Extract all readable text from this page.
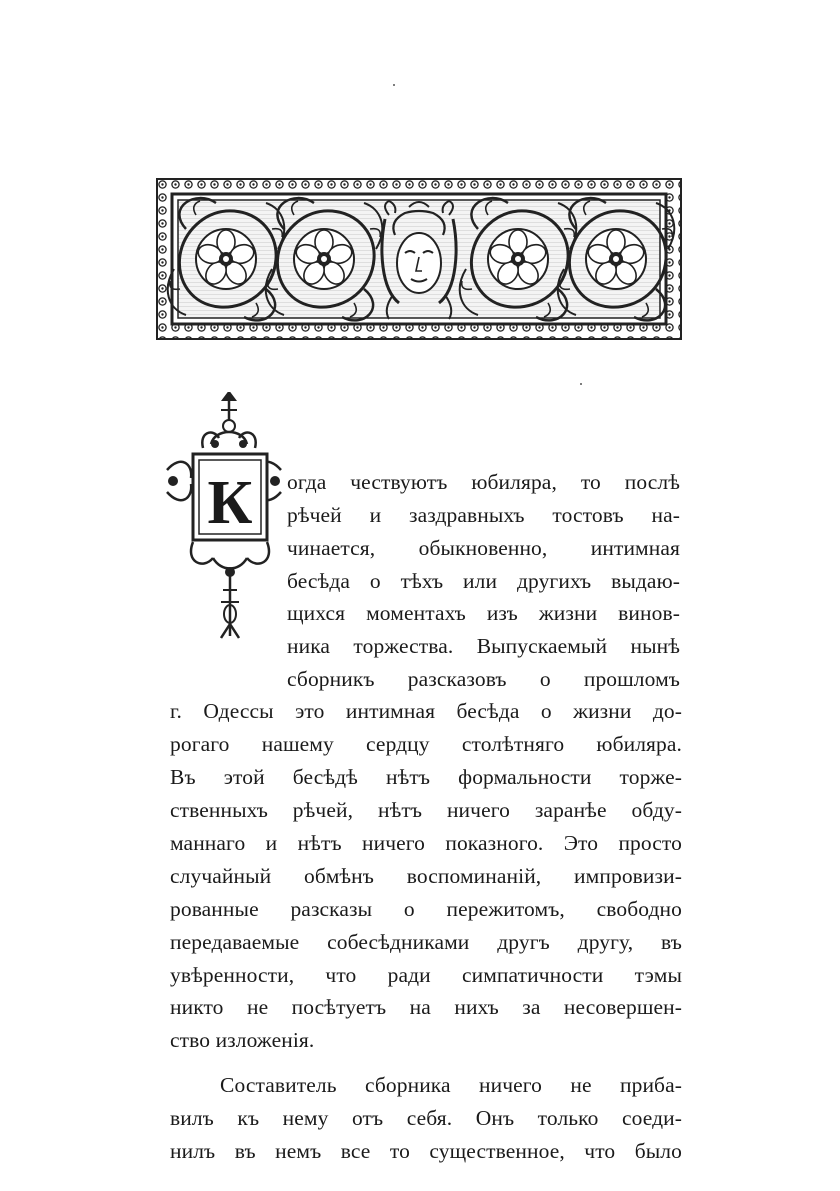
К огда чествуютъ юбиляра, то послѣ
рѣчей и заздравныхъ тостовъ на-
чинается, обыкновенно, интимная
бесѣда о тѣхъ или другихъ выдаю-
щихся моментахъ изъ жизни винов-
ника торжества. Выпускаемый нынѣ
сборникъ разсказовъ о прошломъ
г. Одессы это интимная бесѣда о жизни до-
рогаго нашему сердцу столѣтняго юбиляра.
Въ этой бесѣдѣ нѣтъ формальности торже-
ственныхъ рѣчей, нѣтъ ничего заранѣе обду-
маннаго и нѣтъ ничего показного. Это просто
случайный обмѣнъ воспоминаній, импровизи-
рованные разсказы о пережитомъ, свободно
передаваемые собесѣдниками другъ другу, въ
увѣренности, что ради симпатичности тэмы
никто не посѣтуетъ на нихъ за несовершен-
ство изложенія.
Составитель сборника ничего не приба-
вилъ къ нему отъ себя. Онъ только соеди-
нилъ въ немъ все то существенное, что было
